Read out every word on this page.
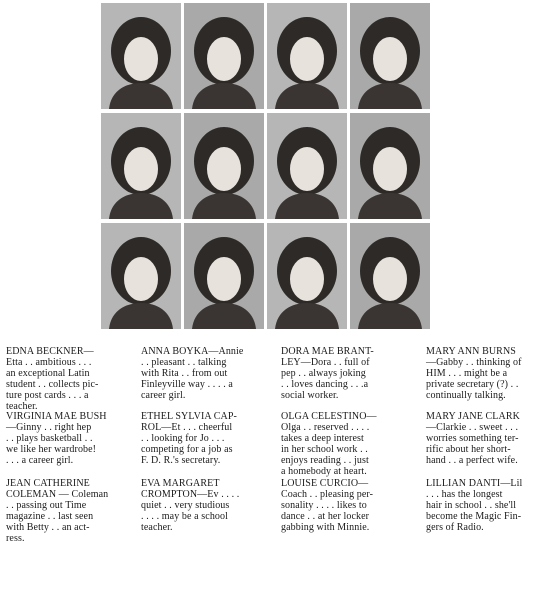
EDNA BECKNER—
Etta . . ambitious . . .
an exceptional Latin
student . . collects pic-
ture post cards . . . a
teacher.
ANNA BOYKA—Annie
. . pleasant . . talking
with Rita . . from out
Finleyville way . . . . a
career girl.
DORA MAE BRANT-
LEY—Dora . . full of
pep . . always joking
. . loves dancing . . .a
social worker.
MARY ANN BURNS
—Gabby . . thinking of
HIM . . . might be a
private secretary (?) . .
continually talking.
VIRGINIA MAE BUSH
—Ginny . . right hep
. . plays basketball . .
we like her wardrobe!
. . . a career girl.
ETHEL SYLVIA CAP-
ROL—Et . . . cheerful
. . looking for Jo . . .
competing for a job as
F. D. R.'s secretary.
OLGA CELESTINO—
Olga . . reserved . . . .
takes a deep interest
in her school work . .
enjoys reading . . just
a homebody at heart.
MARY JANE CLARK
—Clarkie . . sweet . . .
worries something ter-
rific about her short-
hand . . a perfect wife.
JEAN CATHERINE
COLEMAN — Coleman
. . passing out Time
magazine . . last seen
with Betty . . an act-
ress.
EVA MARGARET
CROMPTON—Ev . . . .
quiet . . very studious
. . . . may be a school
teacher.
LOUISE CURCIO—
Coach . . pleasing per-
sonality . . . . likes to
dance . . at her locker
gabbing with Minnie.
LILLIAN DANTI—Lil
. . . has the longest
hair in school . . she'll
become the Magic Fin-
gers of Radio.
